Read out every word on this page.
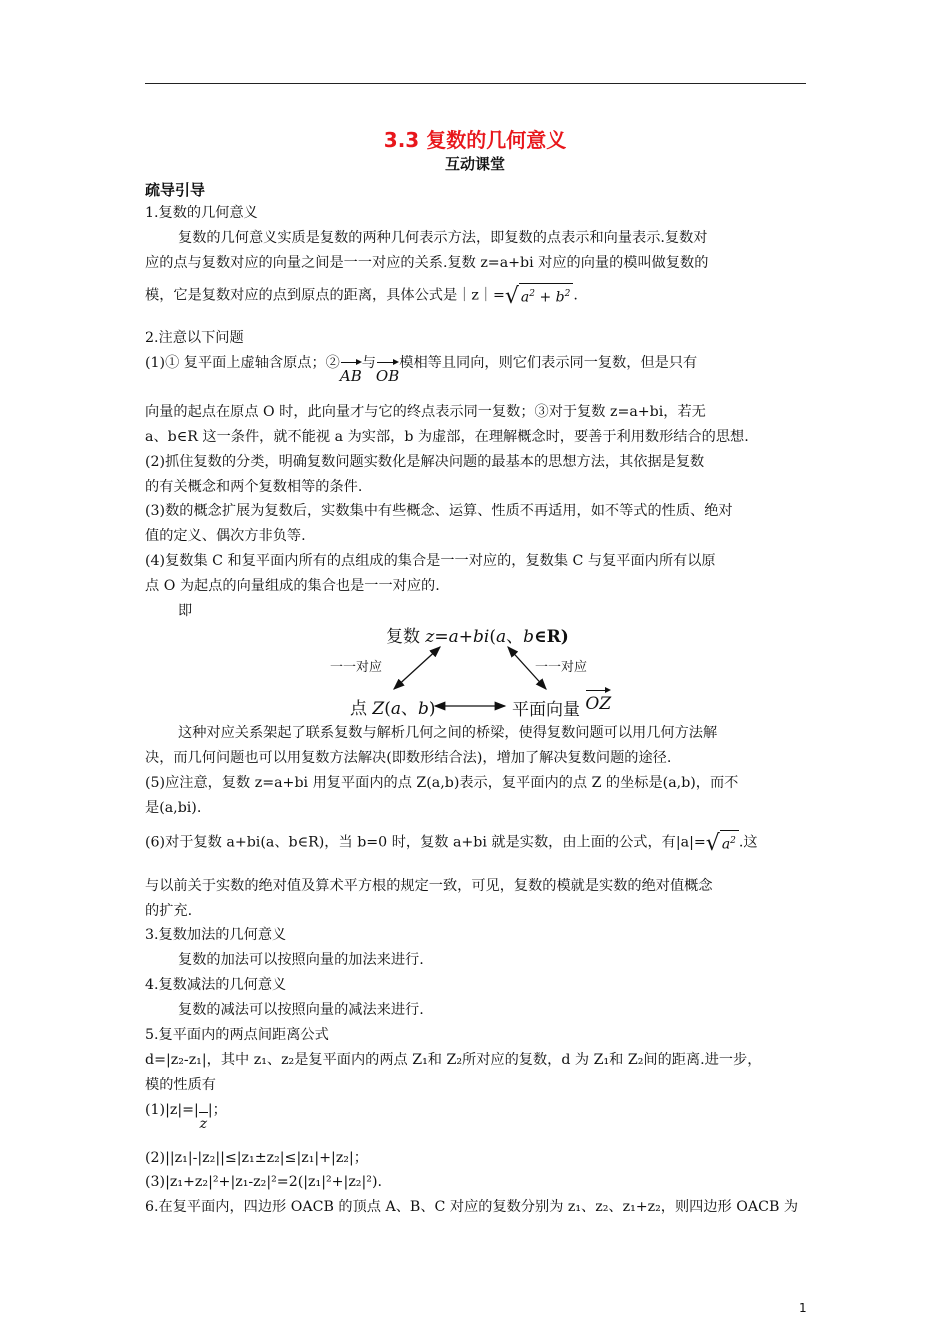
3.3 复数的几何意义
互动课堂
疏导引导
1.复数的几何意义
复数的几何意义实质是复数的两种几何表示方法，即复数的点表示和向量表示.复数对
应的点与复数对应的向量之间是一一对应的关系.复数 z=a+bi 对应的向量的模叫做复数的
模，它是复数对应的点到原点的距离，具体公式是｜z｜= √ $a^2 + b^2$ .
2.注意以下问题
(1)① 复平面上虚轴含原点；②
AB与
OB模相等且同向，则它们表示同一复数，但是只有
向量的起点在原点 O 时，此向量才与它的终点表示同一复数；③对于复数 z=a+bi，若无
a、b∈R 这一条件，就不能视 a 为实部，b 为虚部，在理解概念时，要善于利用数形结合的思想.
(2)抓住复数的分类，明确复数问题实数化是解决问题的最基本的思想方法，其依据是复数
的有关概念和两个复数相等的条件.
(3)数的概念扩展为复数后，实数集中有些概念、运算、性质不再适用，如不等式的性质、绝对
值的定义、偶次方非负等.
(4)复数集 C 和复平面内所有的点组成的集合是一一对应的，复数集 C 与复平面内所有以原
点 O 为起点的向量组成的集合也是一一对应的.
即
复数 z=a+bi(a、b∈R)
一一对应	一一对应
点 Z(a、b)	平面向量
OZ
这种对应关系架起了联系复数与解析几何之间的桥梁，使得复数问题可以用几何方法解
决，而几何问题也可以用复数方法解决(即数形结合法)，增加了解决复数问题的途径.
(5)应注意，复数 z=a+bi 用复平面内的点 Z(a,b)表示，复平面内的点 Z 的坐标是(a,b)，而不
是(a,bi).
(6)对于复数 a+bi(a、b∈R)，当 b=0 时，复数 a+bi 就是实数，由上面的公式，有|a|= √ $a^2$ .这
与以前关于实数的绝对值及算术平方根的规定一致，可见，复数的模就是实数的绝对值概念
的扩充.
3.复数加法的几何意义
复数的加法可以按照向量的加法来进行.
4.复数减法的几何意义
复数的减法可以按照向量的减法来进行.
5.复平面内的两点间距离公式
d=|z₂-z₁|，其中 z₁、z₂是复平面内的两点 Z₁和 Z₂所对应的复数，d 为 Z₁和 Z₂间的距离.进一步，
模的性质有
(1)|z|=|
z|；
(2)||z₁|-|z₂||≤|z₁±z₂|≤|z₁|+|z₂|；
(3)|z₁+z₂|²+|z₁-z₂|²=2(|z₁|²+|z₂|²).
6.在复平面内，四边形 OACB 的顶点 A、B、C 对应的复数分别为 z₁、z₂、z₁+z₂，则四边形 OACB 为
1
